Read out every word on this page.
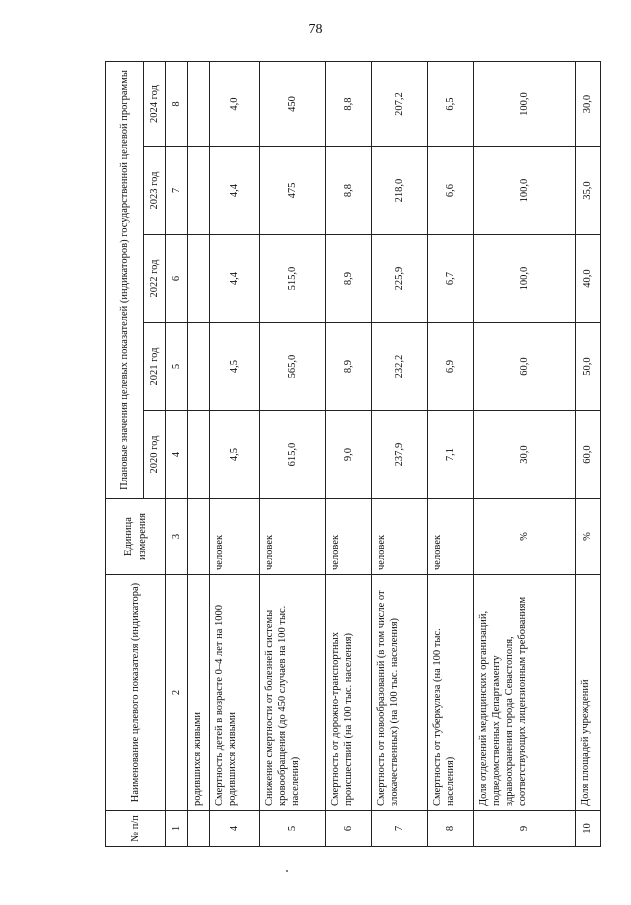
78
№ п/п	Наименование целевого показателя (индикатора)	Единица измерения	Плановые значения целевых показателей (индикаторов) государственной целевой программы				
			2020 год	2021 год	2022 год	2023 год	2024 год
1	2	3	4	5	6	7	8
	родившихся живыми						
4	Смертность детей в возрасте 0–4 лет на 1000 родившихся живыми	человек	4,5	4,5	4,4	4,4	4,0
5	Снижение смертности от болезней системы кровообращения (до 450 случаев на 100 тыс. населения)	человек	615,0	565,0	515,0	475	450
6	Смертность от дорожно-транспортных происшествий (на 100 тыс. населения)	человек	9,0	8,9	8,9	8,8	8,8
7	Смертность от новообразований (в том числе от злокачественных) (на 100 тыс. населения)	человек	237,9	232,2	225,9	218,0	207,2
8	Смертность от туберкулеза (на 100 тыс. населения)	человек	7,1	6,9	6,7	6,6	6,5
9	Доля отделений медицинских организаций, подведомственных Департаменту здравоохранения города Севастополя, соответствующих лицензионным требованиям	%	30,0	60,0	100,0	100,0	100,0
10	Доля площадей учреждений	%	60,0	50,0	40,0	35,0	30,0
